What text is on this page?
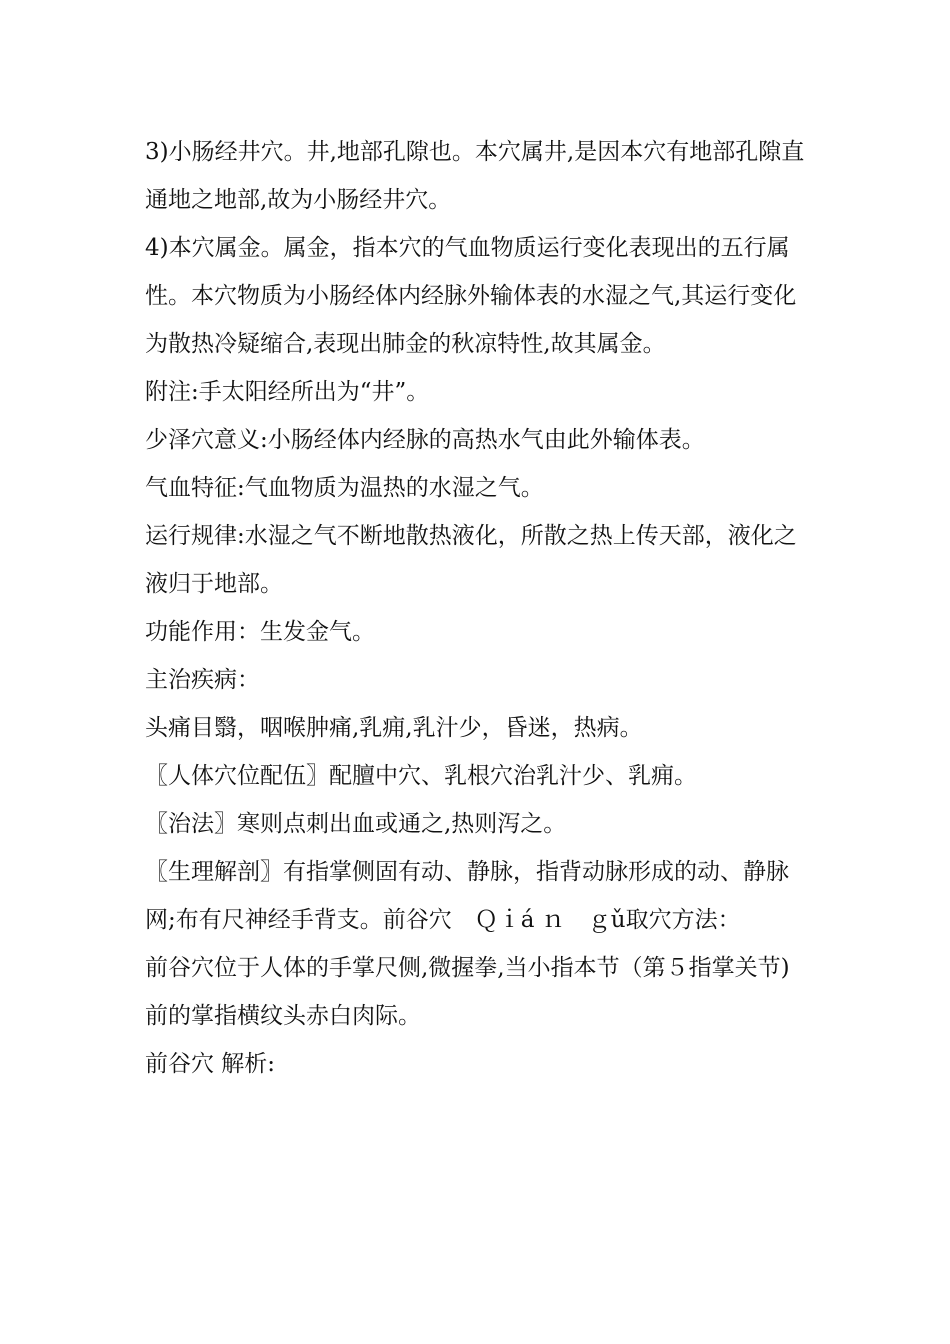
3)小肠经井穴。井,地部孔隙也。本穴属井,是因本穴有地部孔隙直通地之地部,故为小肠经井穴。

4)本穴属金。属金，指本穴的气血物质运行变化表现出的五行属性。本穴物质为小肠经体内经脉外输体表的水湿之气,其运行变化为散热冷疑缩合,表现出肺金的秋凉特性,故其属金。

附注:手太阳经所出为“井”。

少泽穴意义:小肠经体内经脉的高热水气由此外输体表。

气血特征:气血物质为温热的水湿之气。

运行规律:水湿之气不断地散热液化，所散之热上传天部，液化之液归于地部。

功能作用：生发金气。

主治疾病：

头痛目翳，咽喉肿痛,乳痈,乳汁少，昏迷，热病。

〖人体穴位配伍〗配膻中穴、乳根穴治乳汁少、乳痈。

〖治法〗寒则点刺出血或通之,热则泻之。

〖生理解剖〗有指掌侧固有动、静脉，指背动脉形成的动、静脉网;布有尺神经手背支。前谷穴　Ｑｉá ｎ　ｇǔ取穴方法：

前谷穴位于人体的手掌尺侧,微握拳,当小指本节（第５指掌关节)前的掌指横纹头赤白肉际。

前谷穴 解析:
